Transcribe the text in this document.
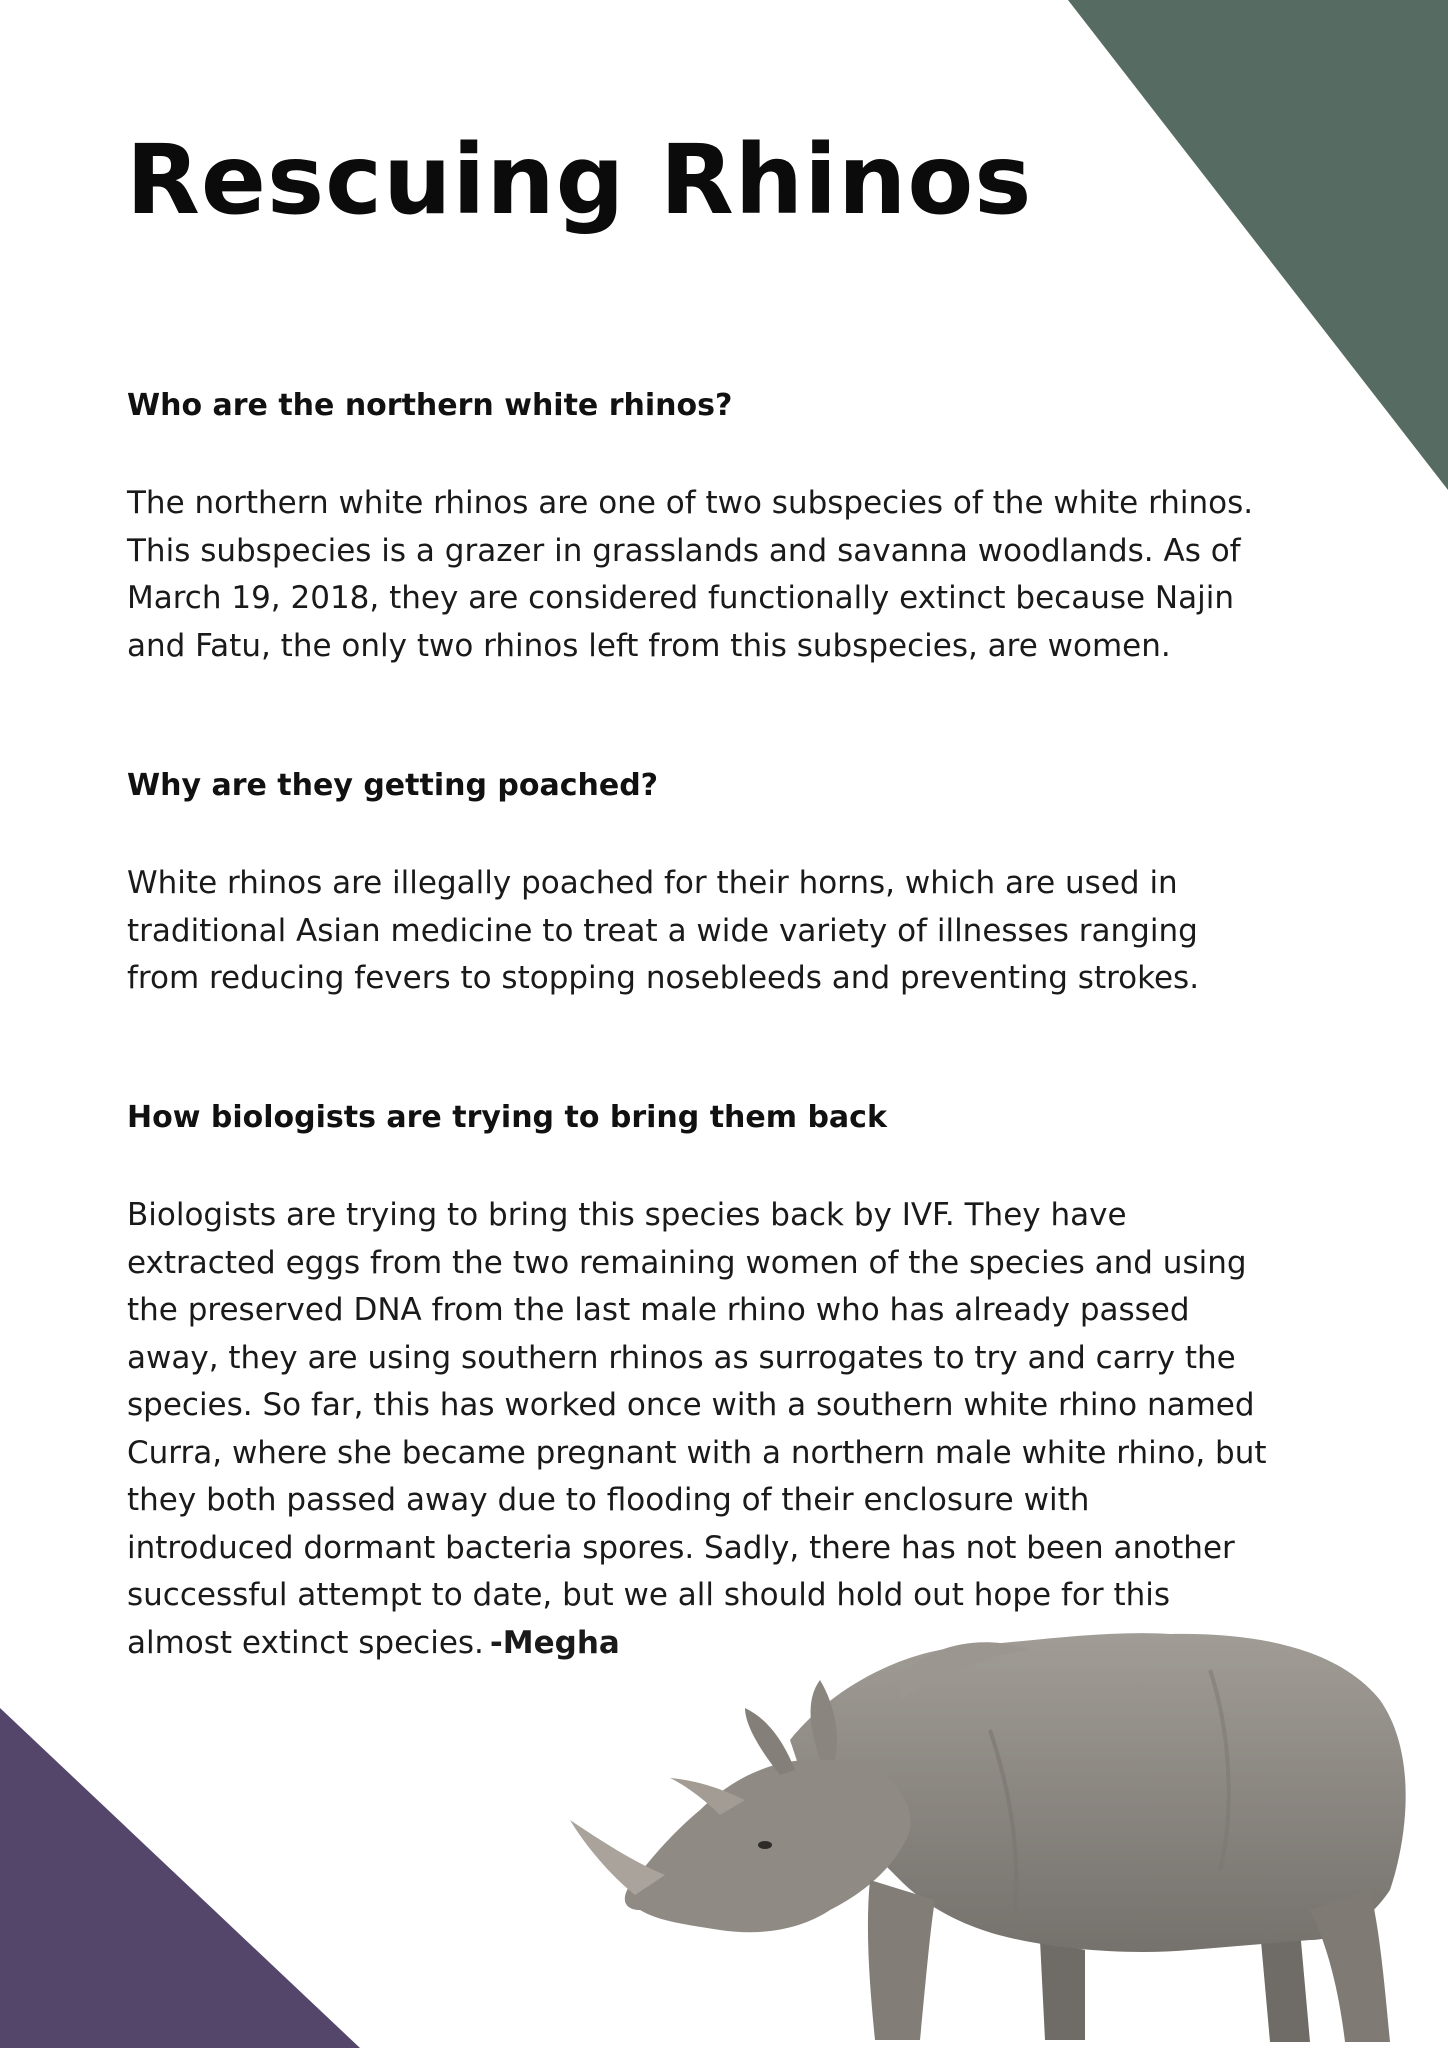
Rescuing Rhinos
Who are the northern white rhinos?

The northern white rhinos are one of two subspecies of the white rhinos.
This subspecies is a grazer in grasslands and savanna woodlands. As of
March 19, 2018, they are considered functionally extinct because Najin
and Fatu, the only two rhinos left from this subspecies, are women.

Why are they getting poached?

White rhinos are illegally poached for their horns, which are used in
traditional Asian medicine to treat a wide variety of illnesses ranging
from reducing fevers to stopping nosebleeds and preventing strokes.

How biologists are trying to bring them back

Biologists are trying to bring this species back by IVF. They have
extracted eggs from the two remaining women of the species and using
the preserved DNA from the last male rhino who has already passed
away, they are using southern rhinos as surrogates to try and carry the
species. So far, this has worked once with a southern white rhino named
Curra, where she became pregnant with a northern male white rhino, but
they both passed away due to flooding of their enclosure with
introduced dormant bacteria spores. Sadly, there has not been another
successful attempt to date, but we all should hold out hope for this
almost extinct species. -Megha
